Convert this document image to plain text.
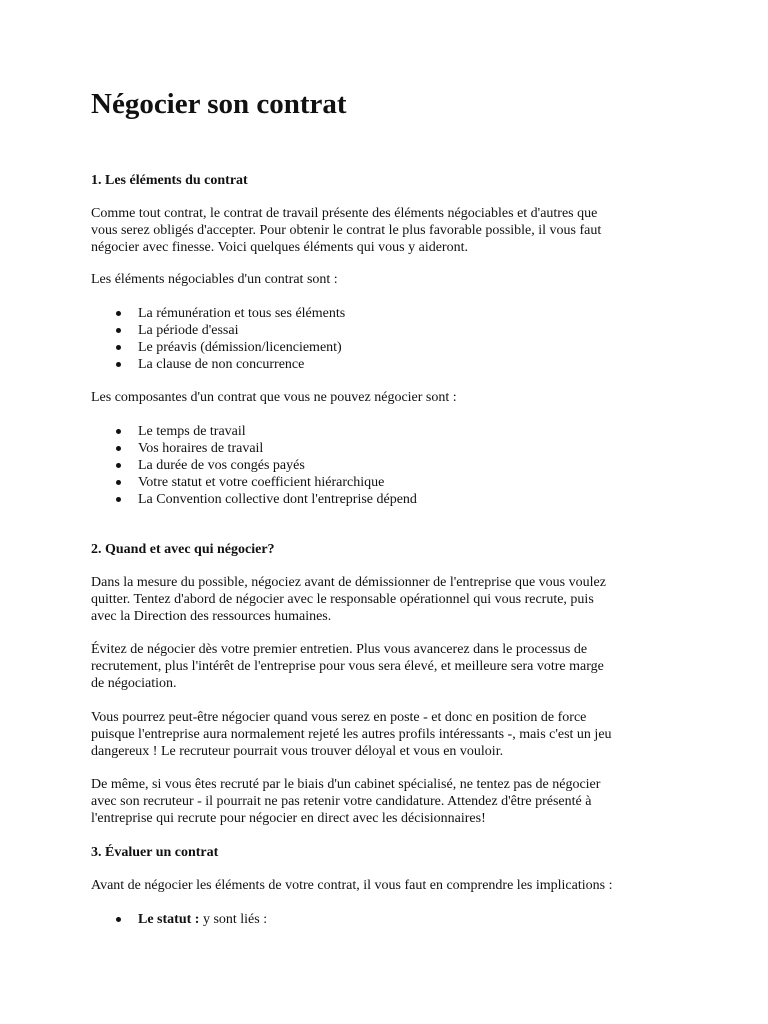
Négocier son contrat
1. Les éléments du contrat

Comme tout contrat, le contrat de travail présente des éléments négociables et d'autres que
vous serez obligés d'accepter. Pour obtenir le contrat le plus favorable possible, il vous faut
négocier avec finesse. Voici quelques éléments qui vous y aideront.

Les éléments négociables d'un contrat sont :

La rémunération et tous ses éléments
La période d'essai
Le préavis (démission/licenciement)
La clause de non concurrence

Les composantes d'un contrat que vous ne pouvez négocier sont :

Le temps de travail
Vos horaires de travail
La durée de vos congés payés
Votre statut et votre coefficient hiérarchique
La Convention collective dont l'entreprise dépend
2. Quand et avec qui négocier?

Dans la mesure du possible, négociez avant de démissionner de l'entreprise que vous voulez
quitter. Tentez d'abord de négocier avec le responsable opérationnel qui vous recrute, puis
avec la Direction des ressources humaines.

Évitez de négocier dès votre premier entretien. Plus vous avancerez dans le processus de
recrutement, plus l'intérêt de l'entreprise pour vous sera élevé, et meilleure sera votre marge
de négociation.

Vous pourrez peut-être négocier quand vous serez en poste - et donc en position de force
puisque l'entreprise aura normalement rejeté les autres profils intéressants -, mais c'est un jeu
dangereux ! Le recruteur pourrait vous trouver déloyal et vous en vouloir.

De même, si vous êtes recruté par le biais d'un cabinet spécialisé, ne tentez pas de négocier
avec son recruteur - il pourrait ne pas retenir votre candidature. Attendez d'être présenté à
l'entreprise qui recrute pour négocier en direct avec les décisionnaires!

3. Évaluer un contrat

Avant de négocier les éléments de votre contrat, il vous faut en comprendre les implications :

Le statut : y sont liés :
